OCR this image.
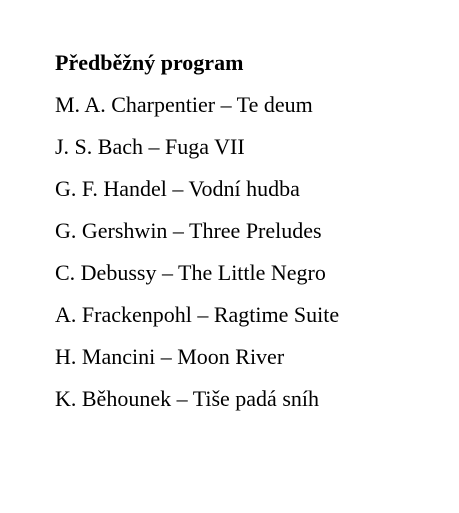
Předběžný program
M. A. Charpentier – Te deum
J. S. Bach – Fuga VII
G. F. Handel – Vodní hudba
G. Gershwin – Three Preludes
C. Debussy – The Little Negro
A. Frackenpohl – Ragtime Suite
H. Mancini – Moon River
K. Běhounek – Tiše padá sníh
